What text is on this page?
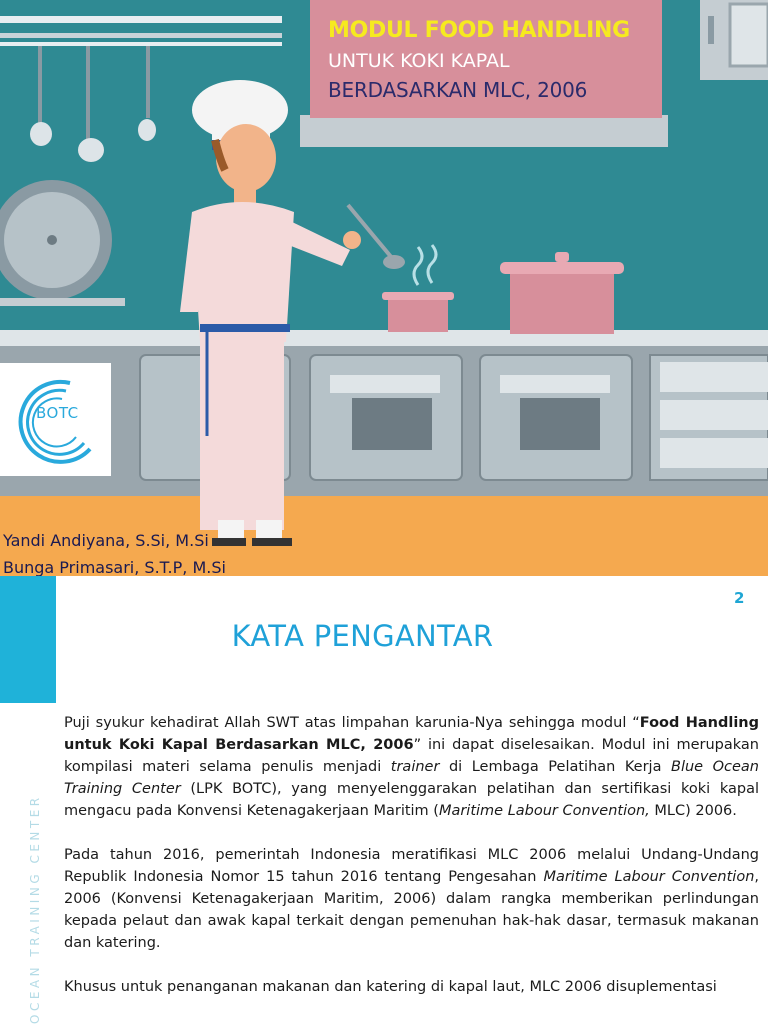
MODUL FOOD HANDLING
UNTUK KOKI KAPAL
BERDASARKAN MLC, 2006
BOTC
Yandi Andiyana, S.Si, M.Si
Bunga Primasari, S.T.P, M.Si
OCEAN TRAINING CENTER
2
KATA PENGANTAR

Puji syukur kehadirat Allah SWT atas limpahan karunia-Nya sehingga modul “Food Handling untuk Koki Kapal Berdasarkan MLC, 2006” ini dapat diselesaikan. Modul ini merupakan kompilasi materi selama penulis menjadi trainer di Lembaga Pelatihan Kerja Blue Ocean Training Center (LPK BOTC), yang menyelenggarakan pelatihan dan sertifikasi koki kapal mengacu pada Konvensi Ketenagakerjaan Maritim (Maritime Labour Convention, MLC) 2006.

Pada tahun 2016, pemerintah Indonesia meratifikasi MLC 2006 melalui Undang-Undang Republik Indonesia Nomor 15 tahun 2016 tentang Pengesahan Maritime Labour Convention, 2006 (Konvensi Ketenagakerjaan Maritim, 2006) dalam rangka memberikan perlindungan kepada pelaut dan awak kapal terkait dengan pemenuhan hak-hak dasar, termasuk makanan dan katering.

Khusus untuk penanganan makanan dan katering di kapal laut, MLC 2006 disuplementasi
